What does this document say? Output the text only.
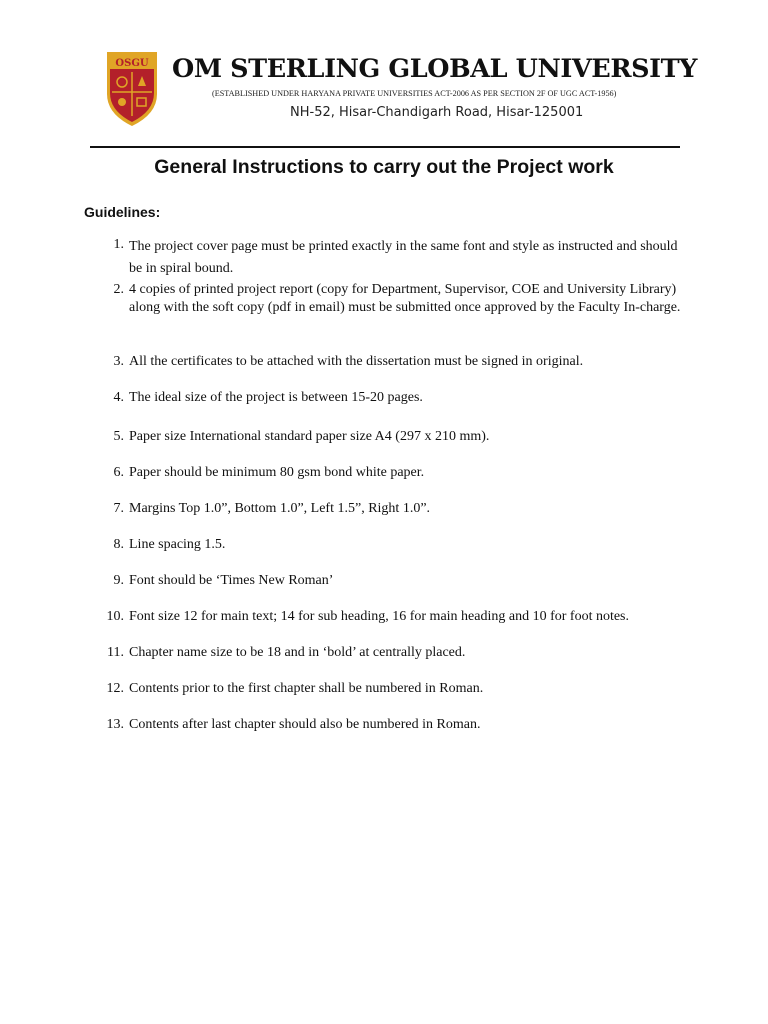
OSGU OM STERLING GLOBAL UNIVERSITY
(ESTABLISHED UNDER HARYANA PRIVATE UNIVERSITIES ACT-2006 AS PER SECTION 2F OF UGC ACT-1956)
NH-52, Hisar-Chandigarh Road, Hisar-125001
General Instructions to carry out the Project work
Guidelines:
1. The project cover page must be printed exactly in the same font and style as instructed and should be in spiral bound.
2. 4 copies of printed project report (copy for Department, Supervisor, COE and University Library) along with the soft copy (pdf in email) must be submitted once approved by the Faculty In-charge.
3. All the certificates to be attached with the dissertation must be signed in original.
4. The ideal size of the project is between 15-20 pages.
5. Paper size International standard paper size A4 (297 x 210 mm).
6. Paper should be minimum 80 gsm bond white paper.
7. Margins Top 1.0”, Bottom 1.0”, Left 1.5”, Right 1.0”.
8. Line spacing 1.5.
9. Font should be ‘Times New Roman’
10. Font size 12 for main text; 14 for sub heading, 16 for main heading and 10 for foot notes.
11. Chapter name size to be 18 and in ‘bold’ at centrally placed.
12. Contents prior to the first chapter shall be numbered in Roman.
13. Contents after last chapter should also be numbered in Roman.
